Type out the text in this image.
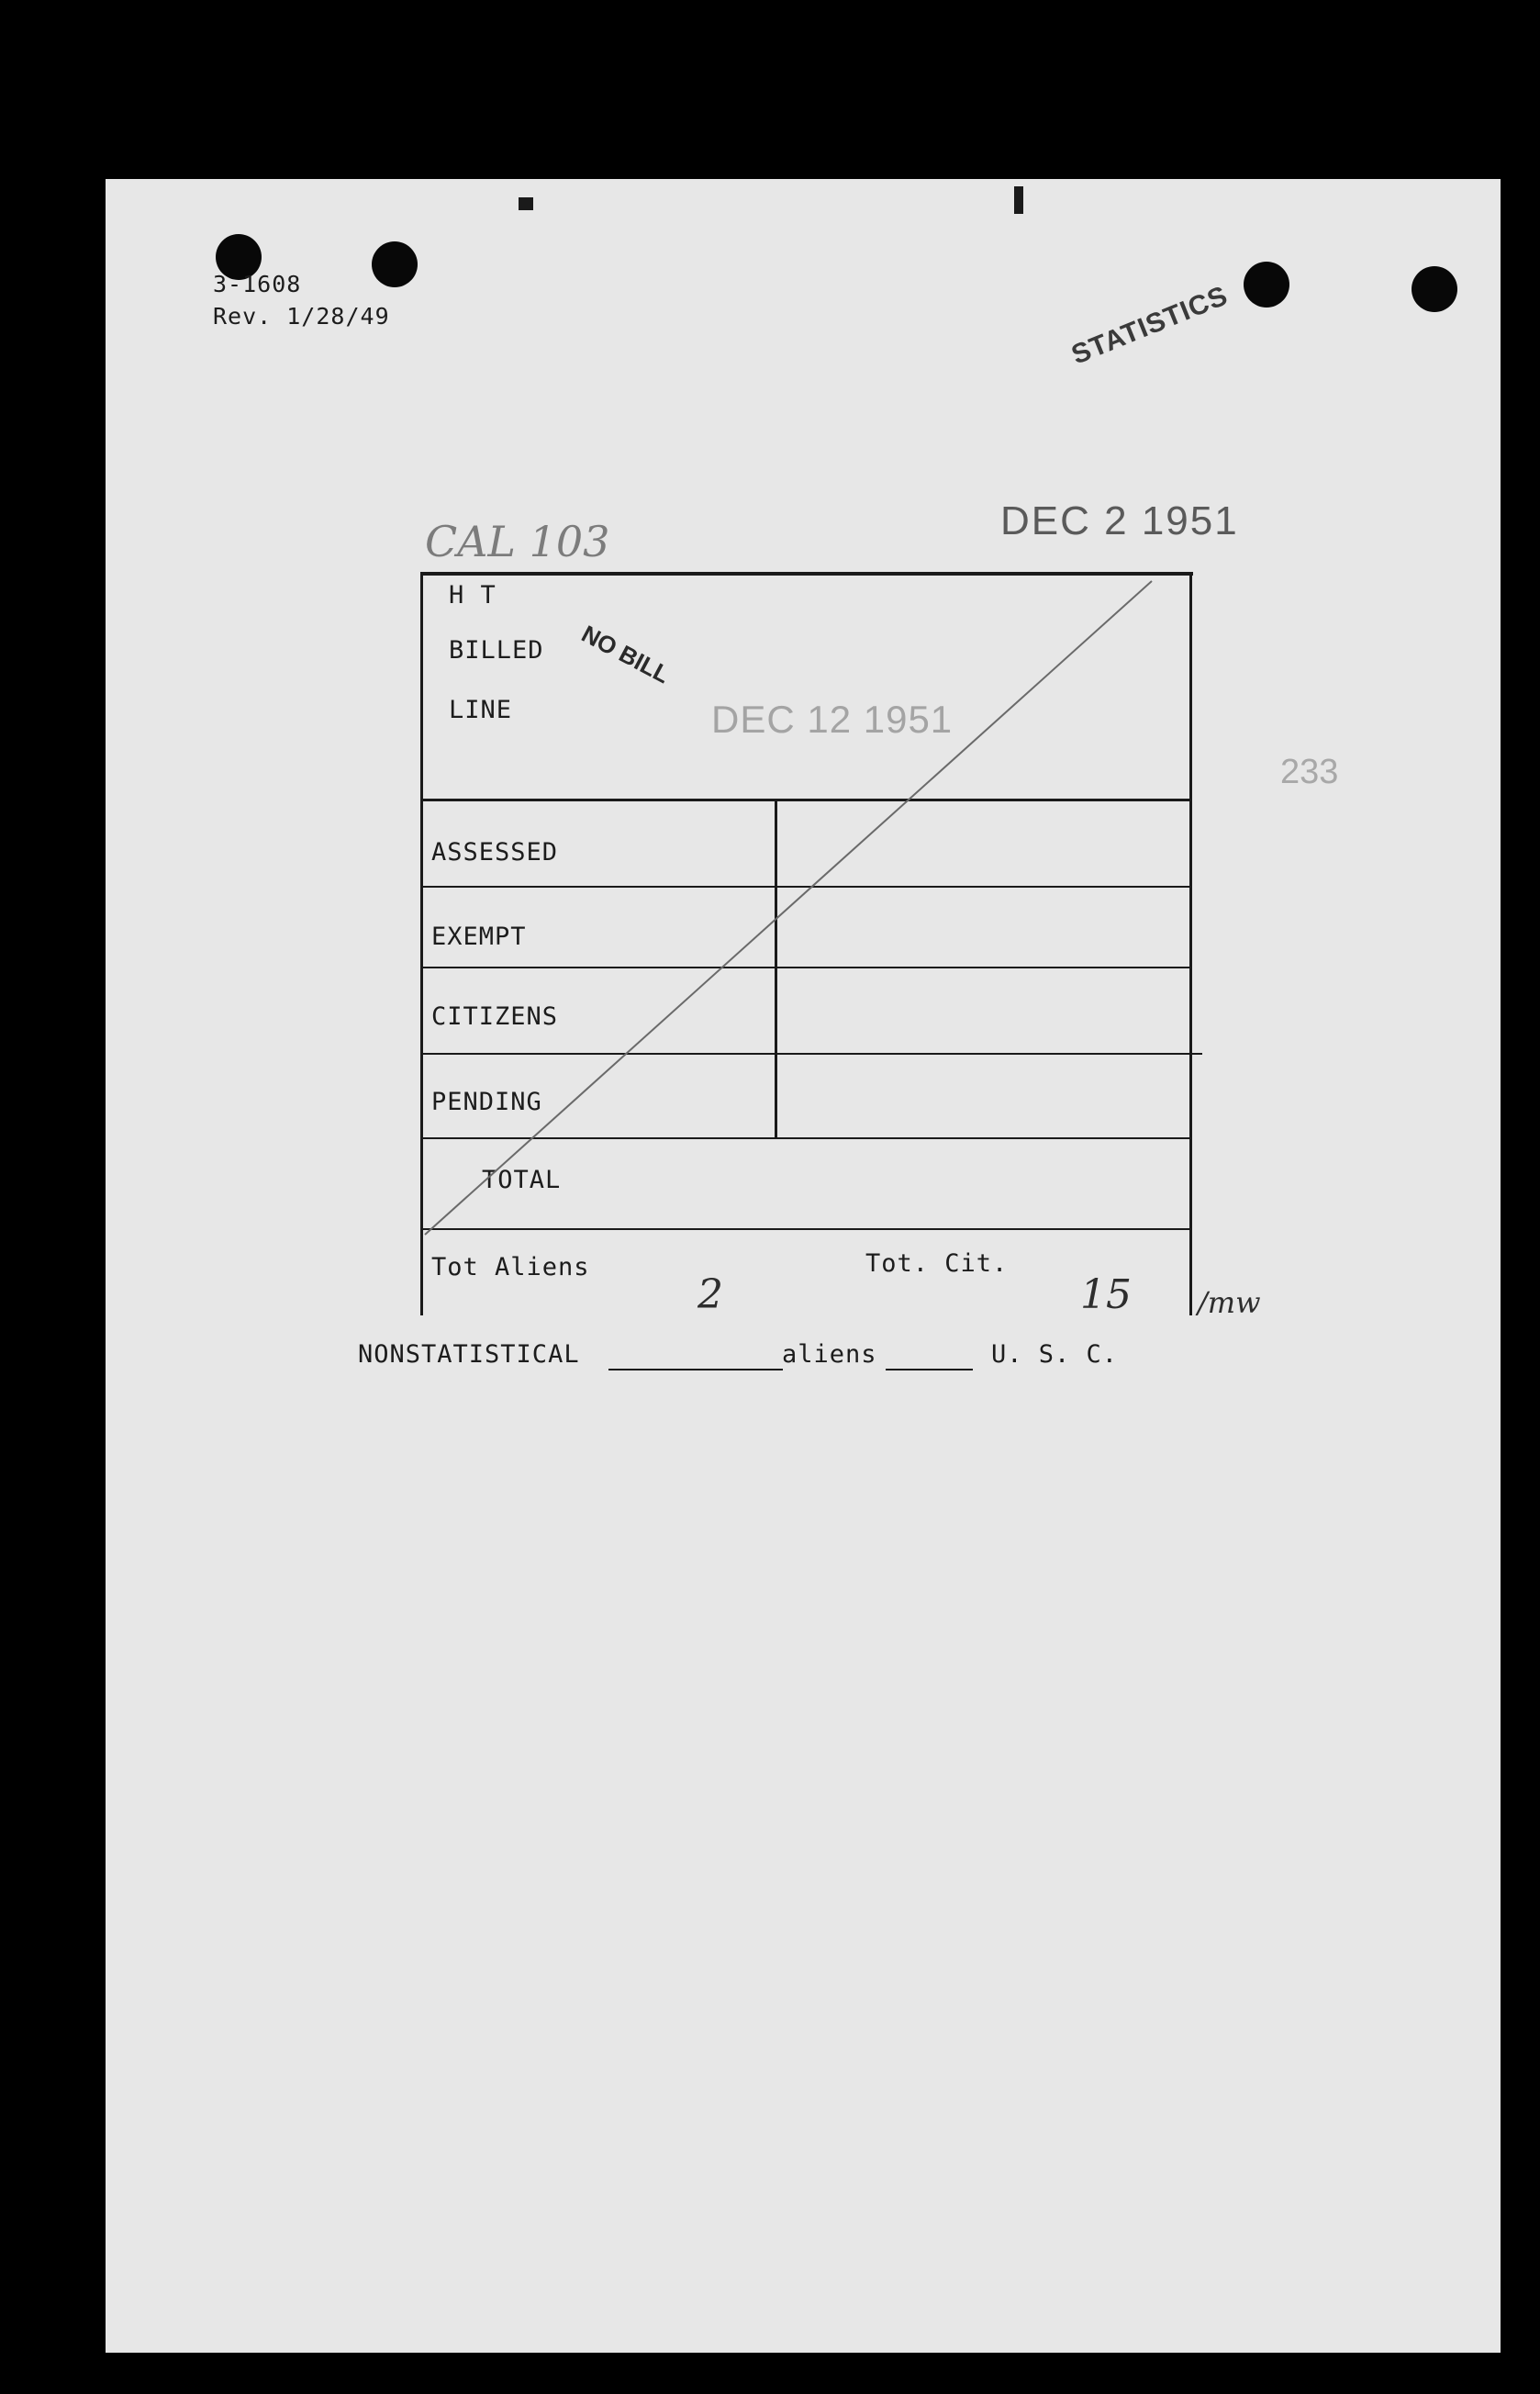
3-1608
Rev. 1/28/49	STATISTICS
CAL 103	DEC 2 1951
H T
BILLED
LINE
NO BILL
DEC 12 1951
233
ASSESSED
EXEMPT
CITIZENS
PENDING
TOTAL
Tot Aliens	Tot. Cit.
2	15 /mw
NONSTATISTICAL	aliens	U. S. C.
